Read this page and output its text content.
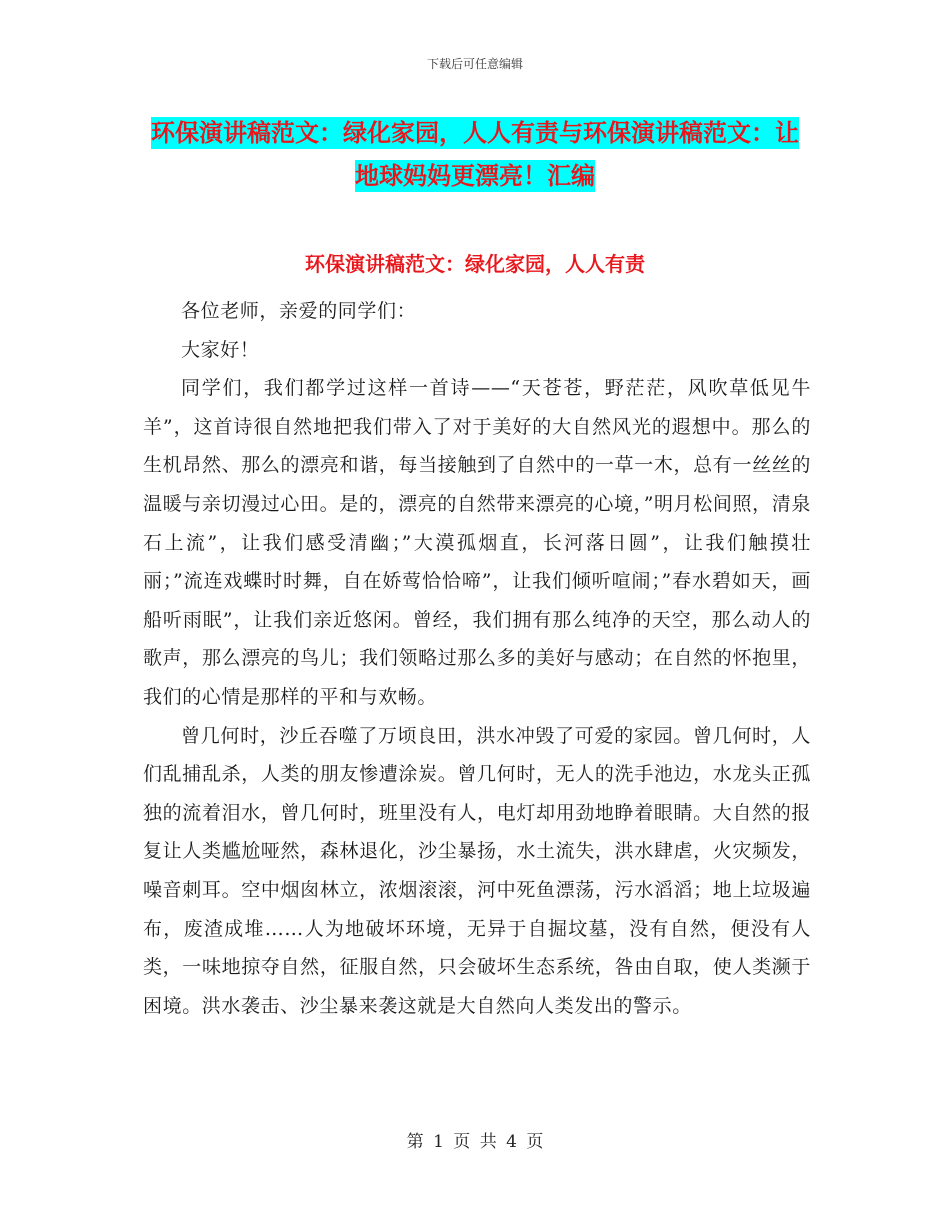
下载后可任意编辑
环保演讲稿范文：绿化家园，人人有责与环保演讲稿范文：让地球妈妈更漂亮！汇编
环保演讲稿范文：绿化家园，人人有责

各位老师，亲爱的同学们：

大家好！

同学们，我们都学过这样一首诗——“天苍苍，野茫茫，风吹草低见牛羊”，这首诗很自然地把我们带入了对于美好的大自然风光的遐想中。那么的生机昂然、那么的漂亮和谐，每当接触到了自然中的一草一木，总有一丝丝的温暖与亲切漫过心田。是的，漂亮的自然带来漂亮的心境，”明月松间照，清泉石上流”，让我们感受清幽；”大漠孤烟直，长河落日圆”，让我们触摸壮丽；”流连戏蝶时时舞，自在娇莺恰恰啼”，让我们倾听喧闹；”春水碧如天，画船听雨眠”，让我们亲近悠闲。曾经，我们拥有那么纯净的天空，那么动人的歌声，那么漂亮的鸟儿；我们领略过那么多的美好与感动；在自然的怀抱里，我们的心情是那样的平和与欢畅。

曾几何时，沙丘吞噬了万顷良田，洪水冲毁了可爱的家园。曾几何时，人们乱捕乱杀，人类的朋友惨遭涂炭。曾几何时，无人的洗手池边，水龙头正孤独的流着泪水，曾几何时，班里没有人，电灯却用劲地睁着眼睛。大自然的报复让人类尴尬哑然，森林退化，沙尘暴扬，水土流失，洪水肆虐，火灾频发，噪音刺耳。空中烟囱林立，浓烟滚滚，河中死鱼漂荡，污水滔滔；地上垃圾遍布，废渣成堆……人为地破坏环境，无异于自掘坟墓，没有自然，便没有人类，一味地掠夺自然，征服自然，只会破坏生态系统，咎由自取，使人类濒于困境。洪水袭击、沙尘暴来袭这就是大自然向人类发出的警示。

第 1 页 共 4 页
